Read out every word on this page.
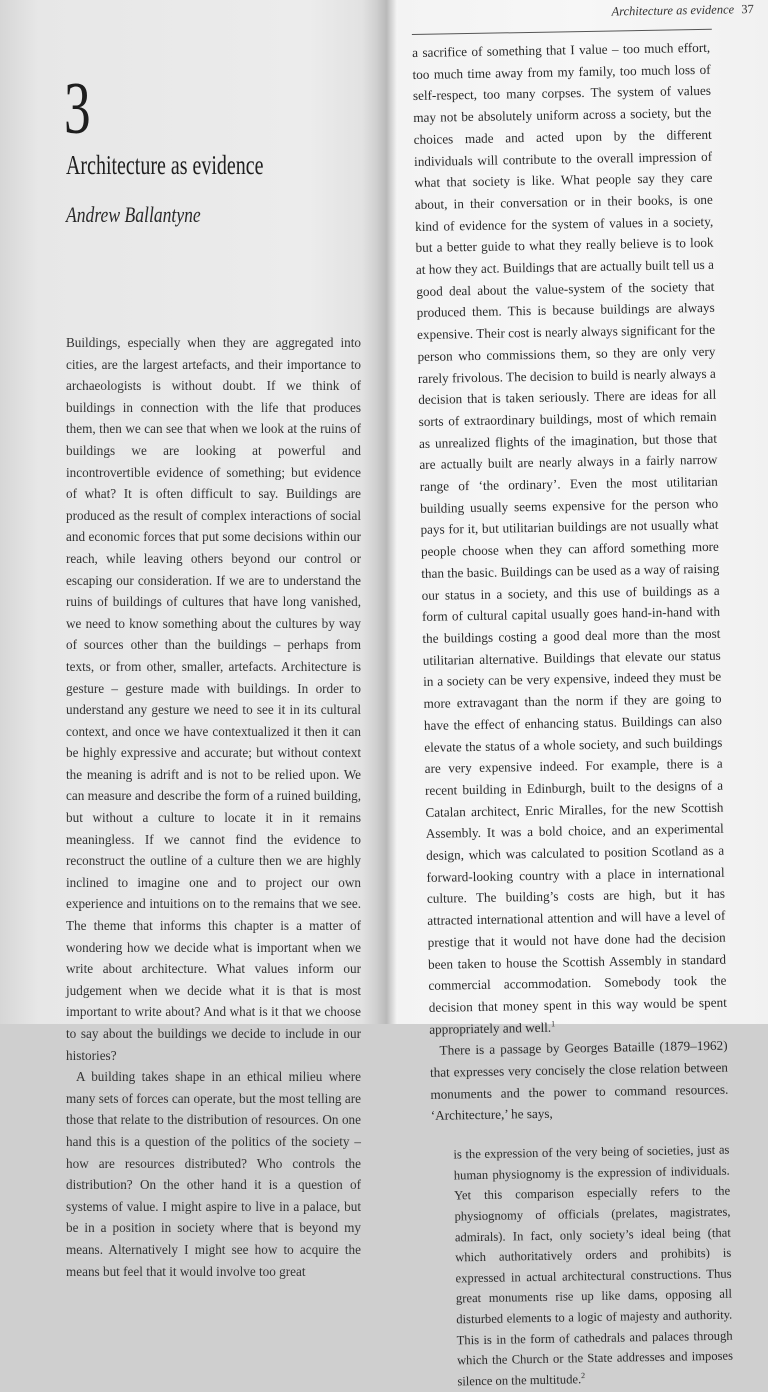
3
Architecture as evidence
Andrew Ballantyne

Buildings, especially when they are aggregated into cities, are the largest artefacts, and their importance to archaeologists is without doubt. If we think of buildings in connection with the life that produces them, then we can see that when we look at the ruins of buildings we are looking at powerful and incontrovertible evidence of something; but evidence of what? It is often difficult to say. Buildings are produced as the result of complex interactions of social and economic forces that put some decisions within our reach, while leaving others beyond our control or escaping our consideration. If we are to understand the ruins of buildings of cultures that have long vanished, we need to know something about the cultures by way of sources other than the buildings – perhaps from texts, or from other, smaller, artefacts. Architecture is gesture – gesture made with buildings. In order to understand any gesture we need to see it in its cultural context, and once we have contextualized it then it can be highly expressive and accurate; but without context the meaning is adrift and is not to be relied upon. We can measure and describe the form of a ruined building, but without a culture to locate it in it remains meaningless. If we cannot find the evidence to reconstruct the outline of a culture then we are highly inclined to imagine one and to project our own experience and intuitions on to the remains that we see. The theme that informs this chapter is a matter of wondering how we decide what is important when we write about architecture. What values inform our judgement when we decide what it is that is most important to write about? And what is it that we choose to say about the buildings we decide to include in our histories?

A building takes shape in an ethical milieu where many sets of forces can operate, but the most telling are those that relate to the distribution of resources. On one hand this is a question of the politics of the society – how are resources distributed? Who controls the distribution? On the other hand it is a question of systems of value. I might aspire to live in a palace, but be in a position in society where that is beyond my means. Alternatively I might see how to acquire the means but feel that it would involve too great

Architecture as evidence 37

a sacrifice of something that I value – too much effort, too much time away from my family, too much loss of self-respect, too many corpses. The system of values may not be absolutely uniform across a society, but the choices made and acted upon by the different individuals will contribute to the overall impression of what that society is like. What people say they care about, in their conversation or in their books, is one kind of evidence for the system of values in a society, but a better guide to what they really believe is to look at how they act. Buildings that are actually built tell us a good deal about the value-system of the society that produced them. This is because buildings are always expensive. Their cost is nearly always significant for the person who commissions them, so they are only very rarely frivolous. The decision to build is nearly always a decision that is taken seriously. There are ideas for all sorts of extraordinary buildings, most of which remain as unrealized flights of the imagination, but those that are actually built are nearly always in a fairly narrow range of ‘the ordinary’. Even the most utilitarian building usually seems expensive for the person who pays for it, but utilitarian buildings are not usually what people choose when they can afford something more than the basic. Buildings can be used as a way of raising our status in a society, and this use of buildings as a form of cultural capital usually goes hand-in-hand with the buildings costing a good deal more than the most utilitarian alternative. Buildings that elevate our status in a society can be very expensive, indeed they must be more extravagant than the norm if they are going to have the effect of enhancing status. Buildings can also elevate the status of a whole society, and such buildings are very expensive indeed. For example, there is a recent building in Edinburgh, built to the designs of a Catalan architect, Enric Miralles, for the new Scottish Assembly. It was a bold choice, and an experimental design, which was calculated to position Scotland as a forward-looking country with a place in international culture. The building’s costs are high, but it has attracted international attention and will have a level of prestige that it would not have done had the decision been taken to house the Scottish Assembly in standard commercial accommodation. Somebody took the decision that money spent in this way would be spent appropriately and well.$^1$

There is a passage by Georges Bataille (1879–1962) that expresses very concisely the close relation between monuments and the power to command resources. ‘Architecture,’ he says,

is the expression of the very being of societies, just as human physiognomy is the expression of individuals. Yet this comparison especially refers to the physiognomy of officials (prelates, magistrates, admirals). In fact, only society’s ideal being (that which authoritatively orders and prohibits) is expressed in actual architectural constructions. Thus great monuments rise up like dams, opposing all disturbed elements to a logic of majesty and authority. This is in the form of cathedrals and palaces through which the Church or the State addresses and imposes silence on the multitude.$^2$
